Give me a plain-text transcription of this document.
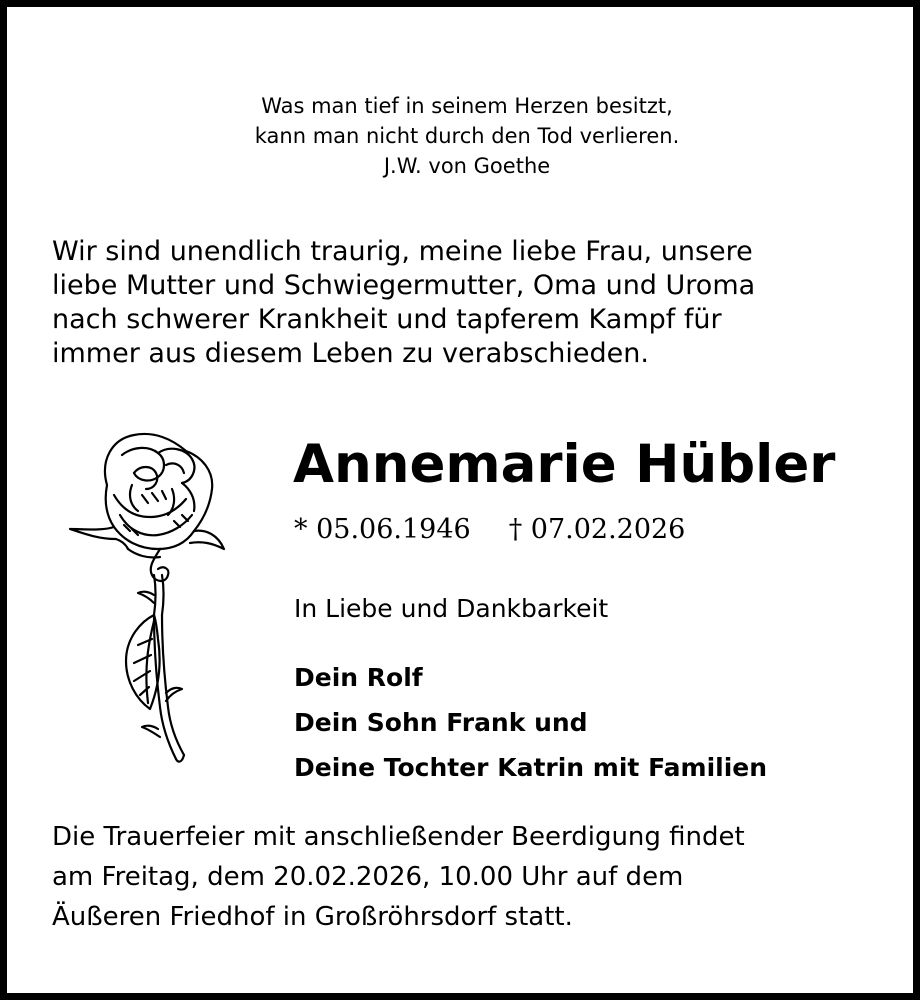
Was man tief in seinem Herzen besitzt,
kann man nicht durch den Tod verlieren.
J.W. von Goethe
Wir sind unendlich traurig, meine liebe Frau, unsere
liebe Mutter und Schwiegermutter, Oma und Uroma
nach schwerer Krankheit und tapferem Kampf für
immer aus diesem Leben zu verabschieden.
Annemarie Hübler
* 05.06.1946 † 07.02.2026
In Liebe und Dankbarkeit
Dein Rolf
Dein Sohn Frank und
Deine Tochter Katrin mit Familien
Die Trauerfeier mit anschließender Beerdigung findet
am Freitag, dem 20.02.2026, 10.00 Uhr auf dem
Äußeren Friedhof in Großröhrsdorf statt.
